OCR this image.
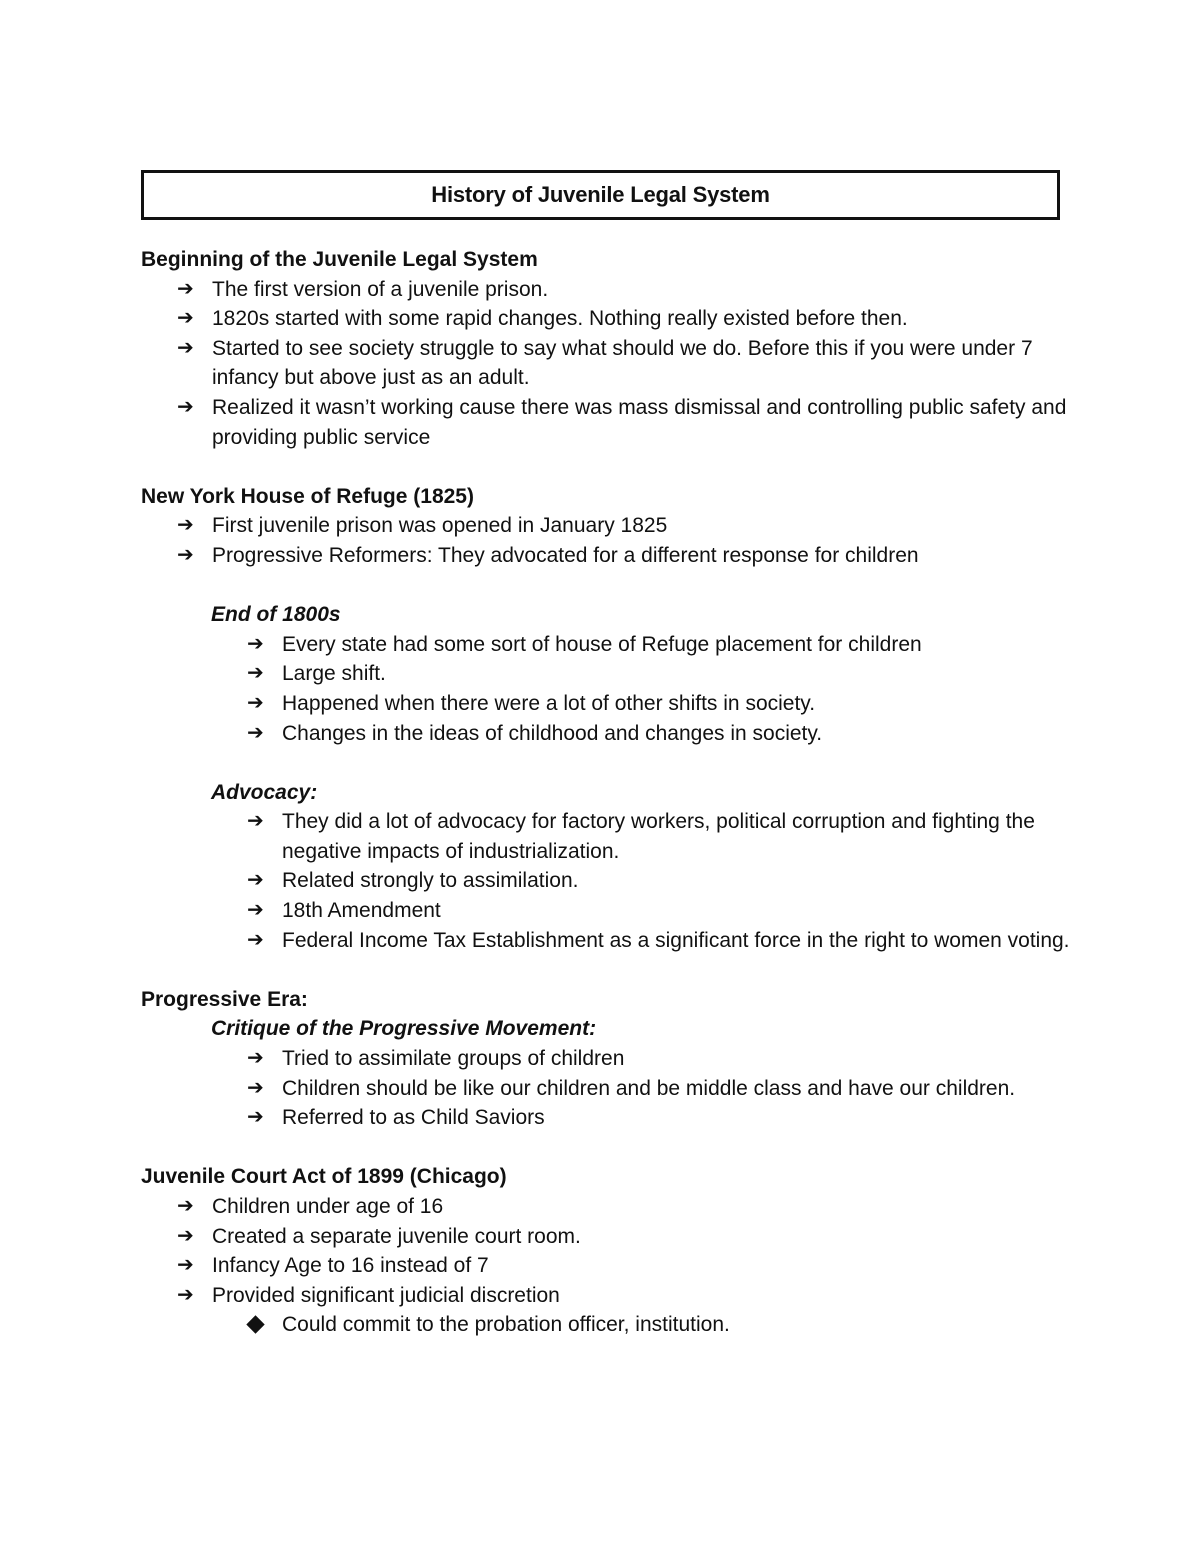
History of Juvenile Legal System

Beginning of the Juvenile Legal System

➔ The first version of a juvenile prison.
➔ 1820s started with some rapid changes. Nothing really existed before then.
➔ Started to see society struggle to say what should we do. Before this if you were under 7 infancy but above just as an adult.
➔ Realized it wasn’t working cause there was mass dismissal and controlling public safety and providing public service

New York House of Refuge (1825)

➔ First juvenile prison was opened in January 1825
➔ Progressive Reformers: They advocated for a different response for children

End of 1800s

➔ Every state had some sort of house of Refuge placement for children
➔ Large shift.
➔ Happened when there were a lot of other shifts in society.
➔ Changes in the ideas of childhood and changes in society.

Advocacy:

➔ They did a lot of advocacy for factory workers, political corruption and fighting the negative impacts of industrialization.
➔ Related strongly to assimilation.
➔ 18th Amendment
➔ Federal Income Tax Establishment as a significant force in the right to women voting.

Progressive Era:

Critique of the Progressive Movement:

➔ Tried to assimilate groups of children
➔ Children should be like our children and be middle class and have our children.
➔ Referred to as Child Saviors

Juvenile Court Act of 1899 (Chicago)

➔ Children under age of 16
➔ Created a separate juvenile court room.
➔ Infancy Age to 16 instead of 7
➔ Provided significant judicial discretion
Could commit to the probation officer, institution.
